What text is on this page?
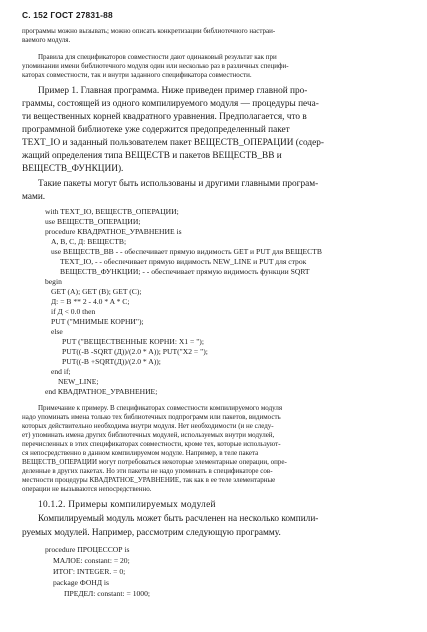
С. 152 ГОСТ 27831-88
программы можно вызывать; можно описать конкретизации библиотечного настраи-
ваемого модуля.
Правила для спецификаторов совместности дают одинаковый результат как при
упоминании имени библиотечного модуля один или несколько раз в различных специфи-
каторах совместности, так и внутри заданного спецификатора совместности.
Пример 1. Главная программа. Ниже приведен пример главной про-
граммы, состоящей из одного компилируемого модуля — процедуры печа-
ти вещественных корней квадратного уравнения. Предполагается, что в
программной библиотеке уже содержится предопределенный пакет
TEXT_IO и заданный пользователем пакет ВЕЩЕСТВ_ОПЕРАЦИИ (содер-
жащий определения типа ВЕЩЕСТВ и пакетов ВЕЩЕСТВ_ВВ и
ВЕЩЕСТВ_ФУНКЦИИ).
Такие пакеты могут быть использованы и другими главными програм-
мами.
with TEXT_IO, ВЕЩЕСТВ_ОПЕРАЦИИ;
use ВЕЩЕСТВ_ОПЕРАЦИИ;
procedure КВАДРАТНОЕ_УРАВНЕНИЕ is
A, B, C, Д: ВЕЩЕСТВ;
use ВЕЩЕСТВ_ВВ - - обеспечивает прямую видимость GET и PUT для ВЕЩЕСТВ
TEXT_IO, - - обеспечивает прямую видимость NEW_LINE и PUT для строк
ВЕЩЕСТВ_ФУНКЦИИ; - - обеспечивает прямую видимость функции SQRT
begin
GET (A); GET (B); GET (C);
Д: = B ** 2 - 4.0 * A * C;
if Д < 0.0 then
PUT ("МНИМЫЕ КОРНИ");
else
PUT ("ВЕЩЕСТВЕННЫЕ КОРНИ: X1 = ");
PUT((-B -SQRT (Д))/(2.0 * A)); PUT("X2 = ");
PUT((-B +SQRT(Д))/(2.0 * A));
end if;
NEW_LINE;
end КВАДРАТНОЕ_УРАВНЕНИЕ;
Примечание к примеру. В спецификаторах совместности компилируемого модуля
надо упоминать имена только тех библиотечных подпрограмм или пакетов, видимость
которых действительно необходима внутри модуля. Нет необходимости (и не следу-
ет) упоминать имена других библиотечных модулей, используемых внутри модулей,
перечисленных в этих спецификаторах совместности, кроме тех, которые используют-
ся непосредственно в данном компилируемом модуле. Например, в теле пакета
ВЕЩЕСТВ_ОПЕРАЦИИ могут потребоваться некоторые элементарные операции, опре-
деленные в других пакетах. Но эти пакеты не надо упоминать в спецификаторе сов-
местности процедуры КВАДРАТНОЕ_УРАВНЕНИЕ, так как в ее теле элементарные
операции не вызываются непосредственно.
10.1.2. Примеры компилируемых модулей
Компилируемый модуль может быть расчленен на несколько компили-
руемых модулей. Например, рассмотрим следующую программу.
procedure ПРОЦЕССОР is
МАЛОЕ: constant: = 20;
ИТОГ: INTEGER. = 0;
package ФОНД is
ПРЕДЕЛ: constant: = 1000;
